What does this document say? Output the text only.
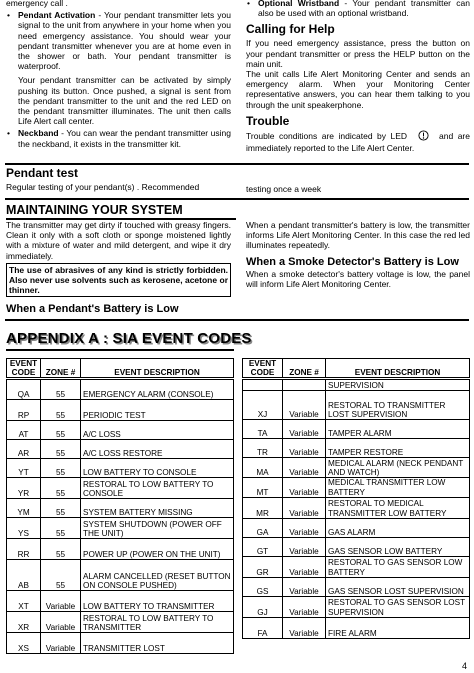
emergency call .

• Pendant Activation - Your pendant transmitter lets you signal to the unit from anywhere in your home when you need emergency assistance. You should wear your pendant transmitter whenever you are at home even in the shower or bath. Your pendant transmitter is waterproof.

Your pendant transmitter can be activated by simply pushing its button. Once pushed, a signal is sent from the pendant transmitter to the unit and the red LED on the pendant transmitter illuminates. The unit then calls Life Alert call center.

• Neckband - You can wear the pendant transmitter using the neckband, it exists in the transmitter kit.

• Optional Wristband - Your pendant transmitter can also be used with an optional wristband.

Calling for Help

If you need emergency assistance, press the button on your pendant transmitter or press the HELP button on the main unit.

The unit calls Life Alert Monitoring Center and sends an emergency alarm. When your Monitoring Center representative answers, you can hear them talking to you through the unit speakerphone.

Trouble

Trouble conditions are indicated by LED	and are immediately reported to the Life Alert Center.

Pendant test
Regular testing of your pendant(s) . Recommended	testing once a week
MAINTAINING YOUR SYSTEM

The transmitter may get dirty if touched with greasy fingers. Clean it only with a soft cloth or sponge moistened lightly with a mixture of water and mild detergent, and wipe it dry immediately.

The use of abrasives of any kind is strictly forbidden. Also never use solvents such as kerosene, acetone or thinner.

When a Pendant's Battery is Low

When a pendant transmitter's battery is low, the transmitter informs Life Alert Monitoring Center. In this case the red led illuminates repeatedly.

When a Smoke Detector's Battery is Low

When a smoke detector's battery voltage is low, the panel will inform Life Alert Monitoring Center.

APPENDIX A : SIA EVENT CODES
EVENT CODE	ZONE #	EVENT DESCRIPTION
QA	55	EMERGENCY ALARM (CONSOLE)
RP	55	PERIODIC TEST
AT	55	A/C LOSS
AR	55	A/C LOSS RESTORE
YT	55	LOW BATTERY TO CONSOLE
YR	55	RESTORAL TO LOW BATTERY TO CONSOLE
YM	55	SYSTEM BATTERY MISSING
YS	55	SYSTEM SHUTDOWN (POWER OFF THE UNIT)
RR	55	POWER UP (POWER ON THE UNIT)
AB	55	ALARM CANCELLED (RESET BUTTON ON CONSOLE PUSHED)
XT	Variable	LOW BATTERY TO TRANSMITTER
XR	Variable	RESTORAL TO LOW BATTERY TO TRANSMITTER
XS	Variable	TRANSMITTER LOST
EVENT CODE	ZONE #	EVENT DESCRIPTION
		SUPERVISION
XJ	Variable	RESTORAL TO TRANSMITTER LOST SUPERVISION
TA	Variable	TAMPER ALARM
TR	Variable	TAMPER RESTORE
MA	Variable	MEDICAL ALARM (NECK PENDANT AND WATCH)
MT	Variable	MEDICAL TRANSMITTER LOW BATTERY
MR	Variable	RESTORAL TO MEDICAL TRANSMITTER LOW BATTERY
GA	Variable	GAS ALARM
GT	Variable	GAS SENSOR LOW BATTERY
GR	Variable	RESTORAL TO GAS SENSOR LOW BATTERY
GS	Variable	GAS SENSOR LOST SUPERVISION
GJ	Variable	RESTORAL TO GAS SENSOR LOST SUPERVISION
FA	Variable	FIRE ALARM
4
